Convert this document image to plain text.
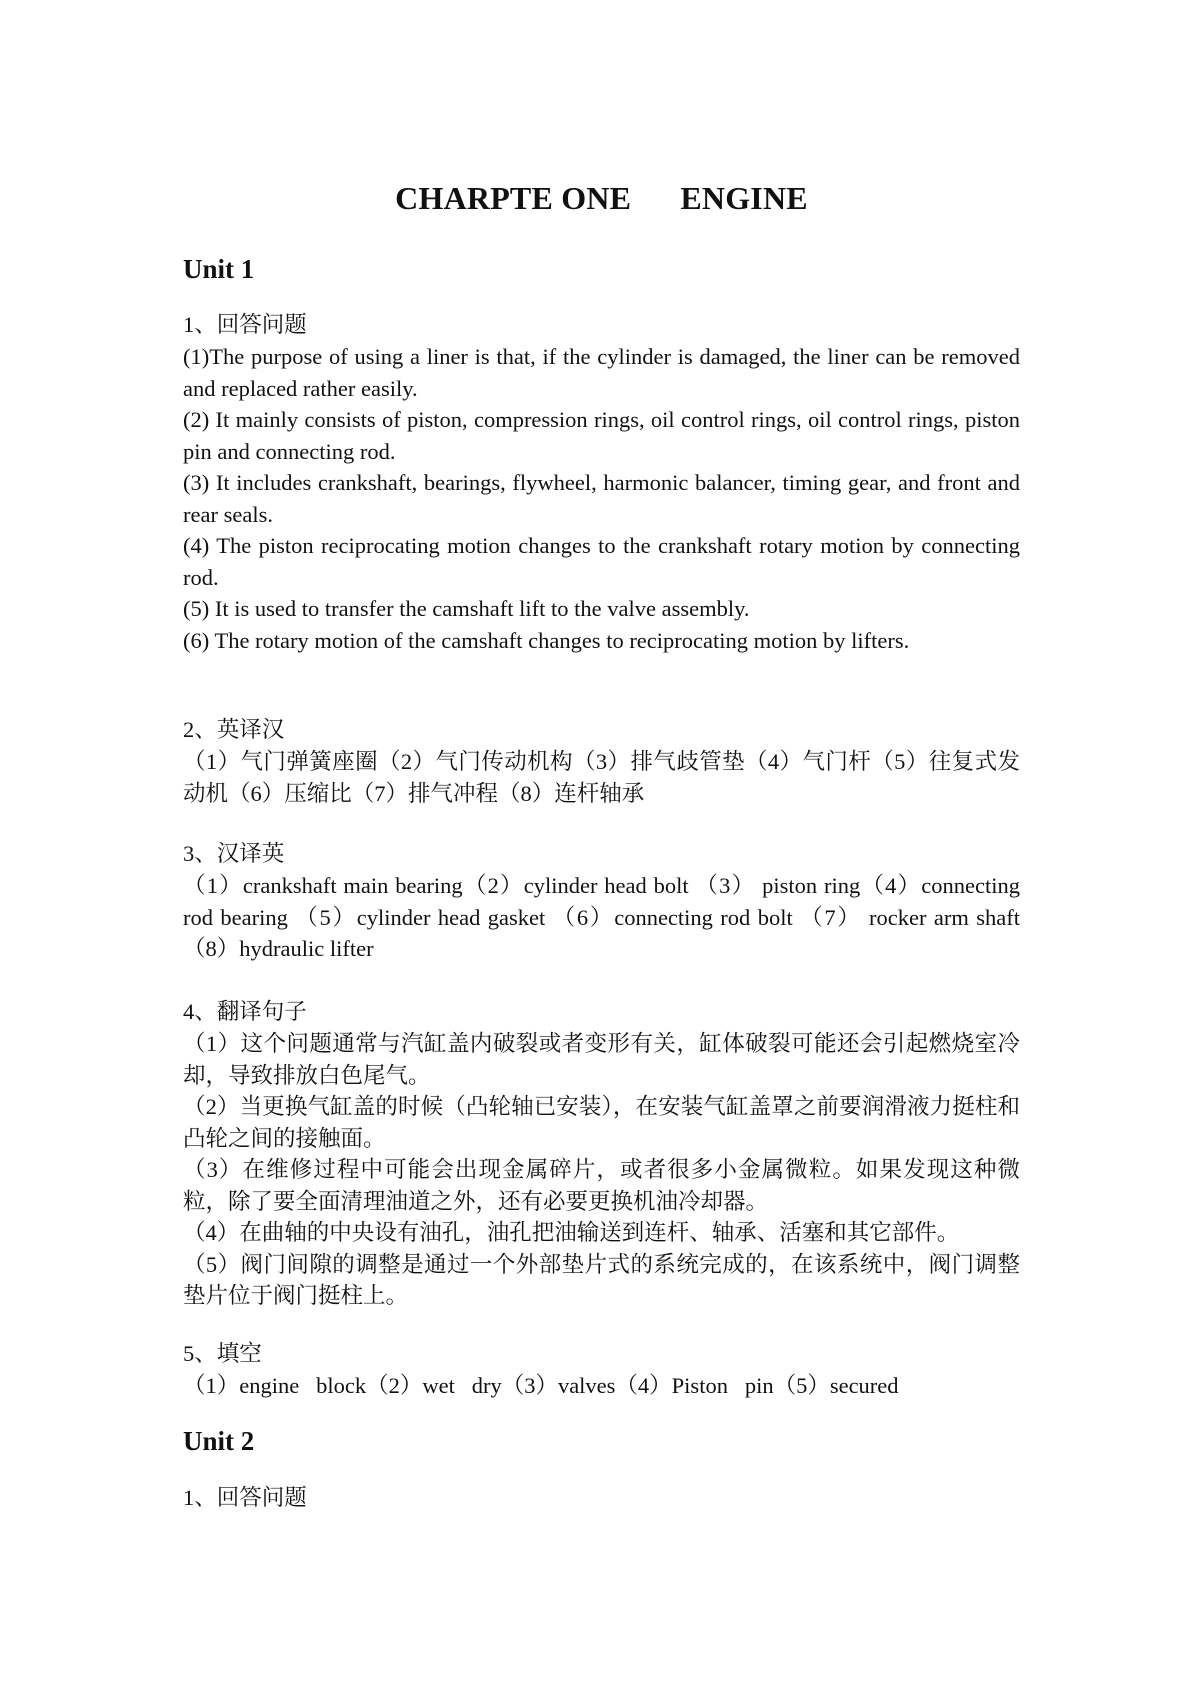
CHARPTE ONE      ENGINE
Unit 1

1、回答问题

(1)The purpose of using a liner is that, if the cylinder is damaged, the liner can be removed and replaced rather easily.

(2) It mainly consists of piston, compression rings, oil control rings, oil control rings, piston pin and connecting rod.

(3) It includes crankshaft, bearings, flywheel, harmonic balancer, timing gear, and front and rear seals.

(4) The piston reciprocating motion changes to the crankshaft rotary motion by connecting rod.

(5) It is used to transfer the camshaft lift to the valve assembly.

(6) The rotary motion of the camshaft changes to reciprocating motion by lifters.

2、英译汉

（1）气门弹簧座圈（2）气门传动机构（3）排气歧管垫（4）气门杆（5）往复式发动机（6）压缩比（7）排气冲程（8）连杆轴承

3、汉译英

（1）crankshaft main bearing（2）cylinder head bolt （3） piston ring（4）connecting rod bearing （5）cylinder head gasket （6）connecting rod bolt （7） rocker arm shaft （8）hydraulic lifter

4、翻译句子

（1）这个问题通常与汽缸盖内破裂或者变形有关，缸体破裂可能还会引起燃烧室冷却，导致排放白色尾气。

（2）当更换气缸盖的时候（凸轮轴已安装），在安装气缸盖罩之前要润滑液力挺柱和凸轮之间的接触面。

（3）在维修过程中可能会出现金属碎片，或者很多小金属微粒。如果发现这种微粒，除了要全面清理油道之外，还有必要更换机油冷却器。

（4）在曲轴的中央设有油孔，油孔把油输送到连杆、轴承、活塞和其它部件。

（5）阀门间隙的调整是通过一个外部垫片式的系统完成的，在该系统中，阀门调整垫片位于阀门挺柱上。

5、填空

（1）engine   block（2）wet   dry（3）valves（4）Piston   pin（5）secured

Unit 2

1、回答问题
